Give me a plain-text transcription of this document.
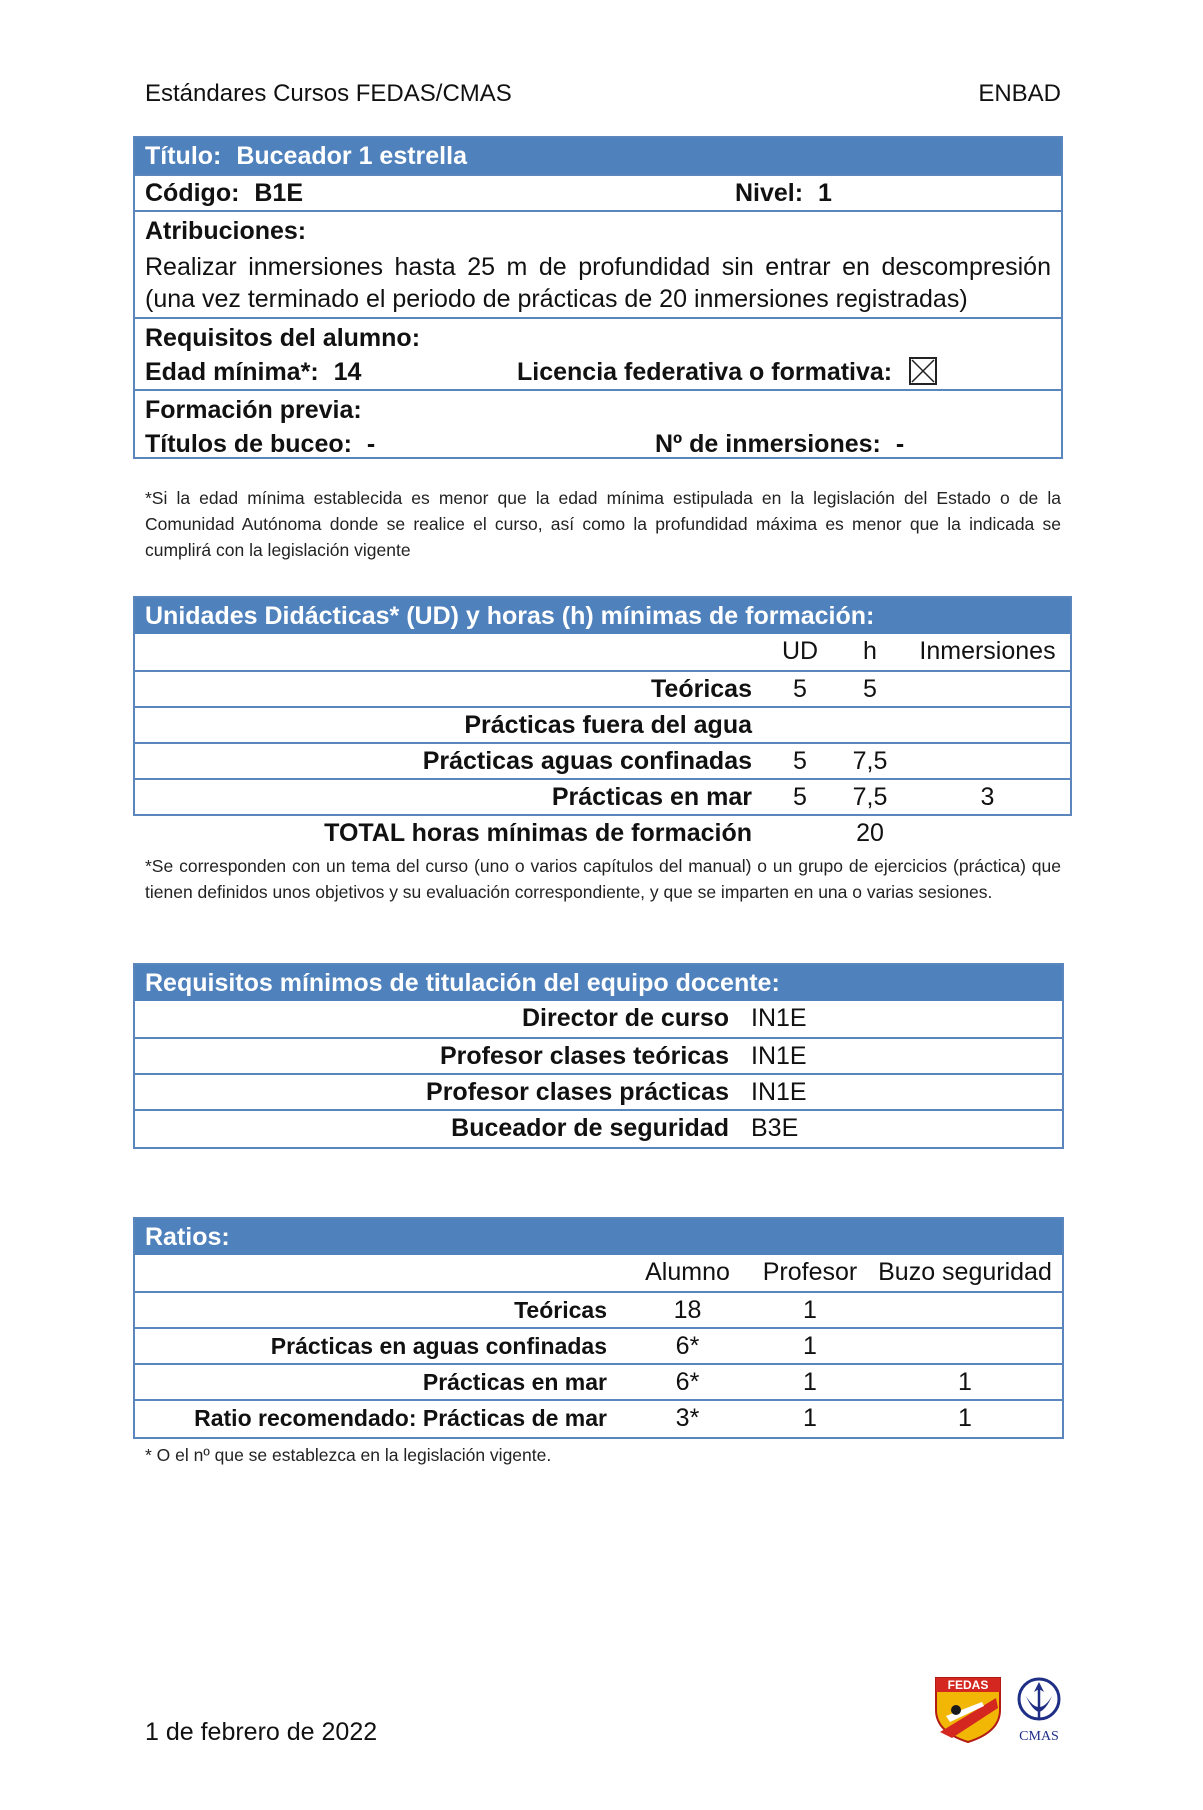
Estándares Cursos FEDAS/CMAS	ENBAD
Título: Buceador 1 estrella
Código: B1E	Nivel: 1
Atribuciones:
Realizar inmersiones hasta 25 m de profundidad sin entrar en descompresión
(una vez terminado el periodo de prácticas de 20 inmersiones registradas)
Requisitos del alumno:
Edad mínima*: 14	Licencia federativa o formativa:
Formación previa:
Títulos de buceo: -	Nº de inmersiones: -
*Si la edad mínima establecida es menor que la edad mínima estipulada en la legislación del Estado o de la Comunidad Autónoma donde se realice el curso, así como la profundidad máxima es menor que la indicada se cumplirá con la legislación vigente
Unidades Didácticas* (UD) y horas (h) mínimas de formación:
UD	h	Inmersiones
Teóricas	5	5
Prácticas fuera del agua
Prácticas aguas confinadas	5	7,5
Prácticas en mar	5	7,5	3
TOTAL horas mínimas de formación	20
*Se corresponden con un tema del curso (uno o varios capítulos del manual) o un grupo de ejercicios (práctica) que tienen definidos unos objetivos y su evaluación correspondiente, y que se imparten en una o varias sesiones.
Requisitos mínimos de titulación del equipo docente:
Director de curso IN1E
Profesor clases teóricas IN1E
Profesor clases prácticas IN1E
Buceador de seguridad B3E
Ratios:
Alumno	Profesor Buzo seguridad
Teóricas	18	1
Prácticas en aguas confinadas	6*	1
Prácticas en mar	6*	1	1
Ratio recomendado: Prácticas de mar	3*	1	1
* O el nº que se establezca en la legislación vigente.
1 de febrero de 2022
FEDAS
CMAS
